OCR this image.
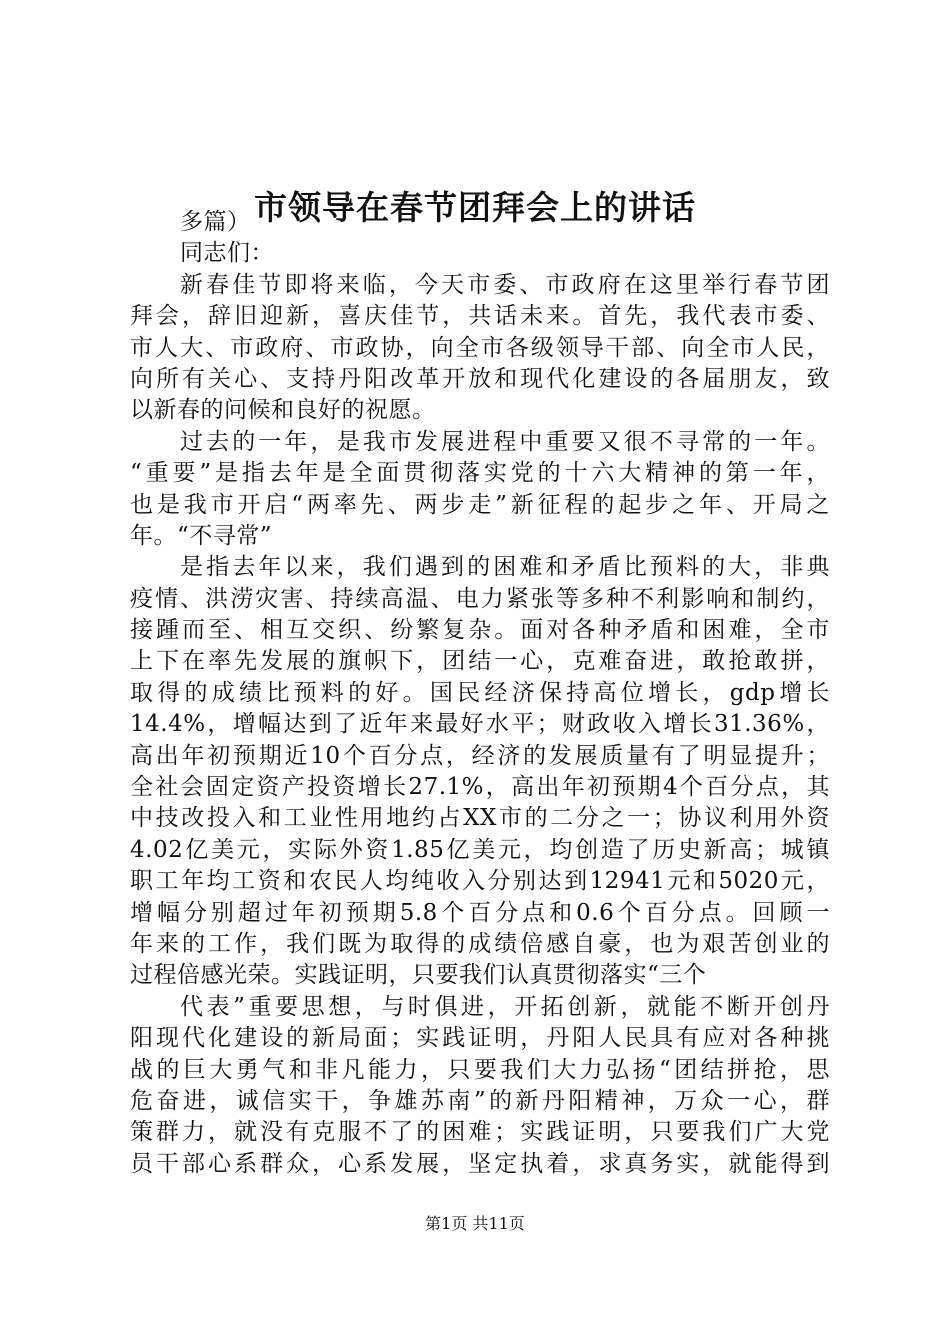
市领导在春节团拜会上的讲话
多篇）
同志们：
新春佳节即将来临，今天市委、市政府在这里举行春节团
拜会，辞旧迎新，喜庆佳节，共话未来。首先，我代表市委、
市人大、市政府、市政协，向全市各级领导干部、向全市人民，
向所有关心、支持丹阳改革开放和现代化建设的各届朋友，致
以新春的问候和良好的祝愿。
过去的一年，是我市发展进程中重要又很不寻常的一年。
“重要”是指去年是全面贯彻落实党的十六大精神的第一年，
也是我市开启“两率先、两步走”新征程的起步之年、开局之
年。“不寻常”
是指去年以来，我们遇到的困难和矛盾比预料的大，非典
疫情、洪涝灾害、持续高温、电力紧张等多种不利影响和制约，
接踵而至、相互交织、纷繁复杂。面对各种矛盾和困难，全市
上下在率先发展的旗帜下，团结一心，克难奋进，敢抢敢拼，
取得的成绩比预料的好。国民经济保持高位增长，gdp增长
14.4%，增幅达到了近年来最好水平；财政收入增长31.36%，
高出年初预期近10个百分点，经济的发展质量有了明显提升；
全社会固定资产投资增长27.1%，高出年初预期4个百分点，其
中技改投入和工业性用地约占XX市的二分之一；协议利用外资
4.02亿美元，实际外资1.85亿美元，均创造了历史新高；城镇
职工年均工资和农民人均纯收入分别达到12941元和5020元，
增幅分别超过年初预期5.8个百分点和0.6个百分点。回顾一
年来的工作，我们既为取得的成绩倍感自豪，也为艰苦创业的
过程倍感光荣。实践证明，只要我们认真贯彻落实“三个
代表”重要思想，与时俱进，开拓创新，就能不断开创丹
阳现代化建设的新局面；实践证明，丹阳人民具有应对各种挑
战的巨大勇气和非凡能力，只要我们大力弘扬“团结拼抢，思
危奋进，诚信实干，争雄苏南”的新丹阳精神，万众一心，群
策群力，就没有克服不了的困难；实践证明，只要我们广大党
员干部心系群众，心系发展，坚定执着，求真务实，就能得到
第1页 共11页
